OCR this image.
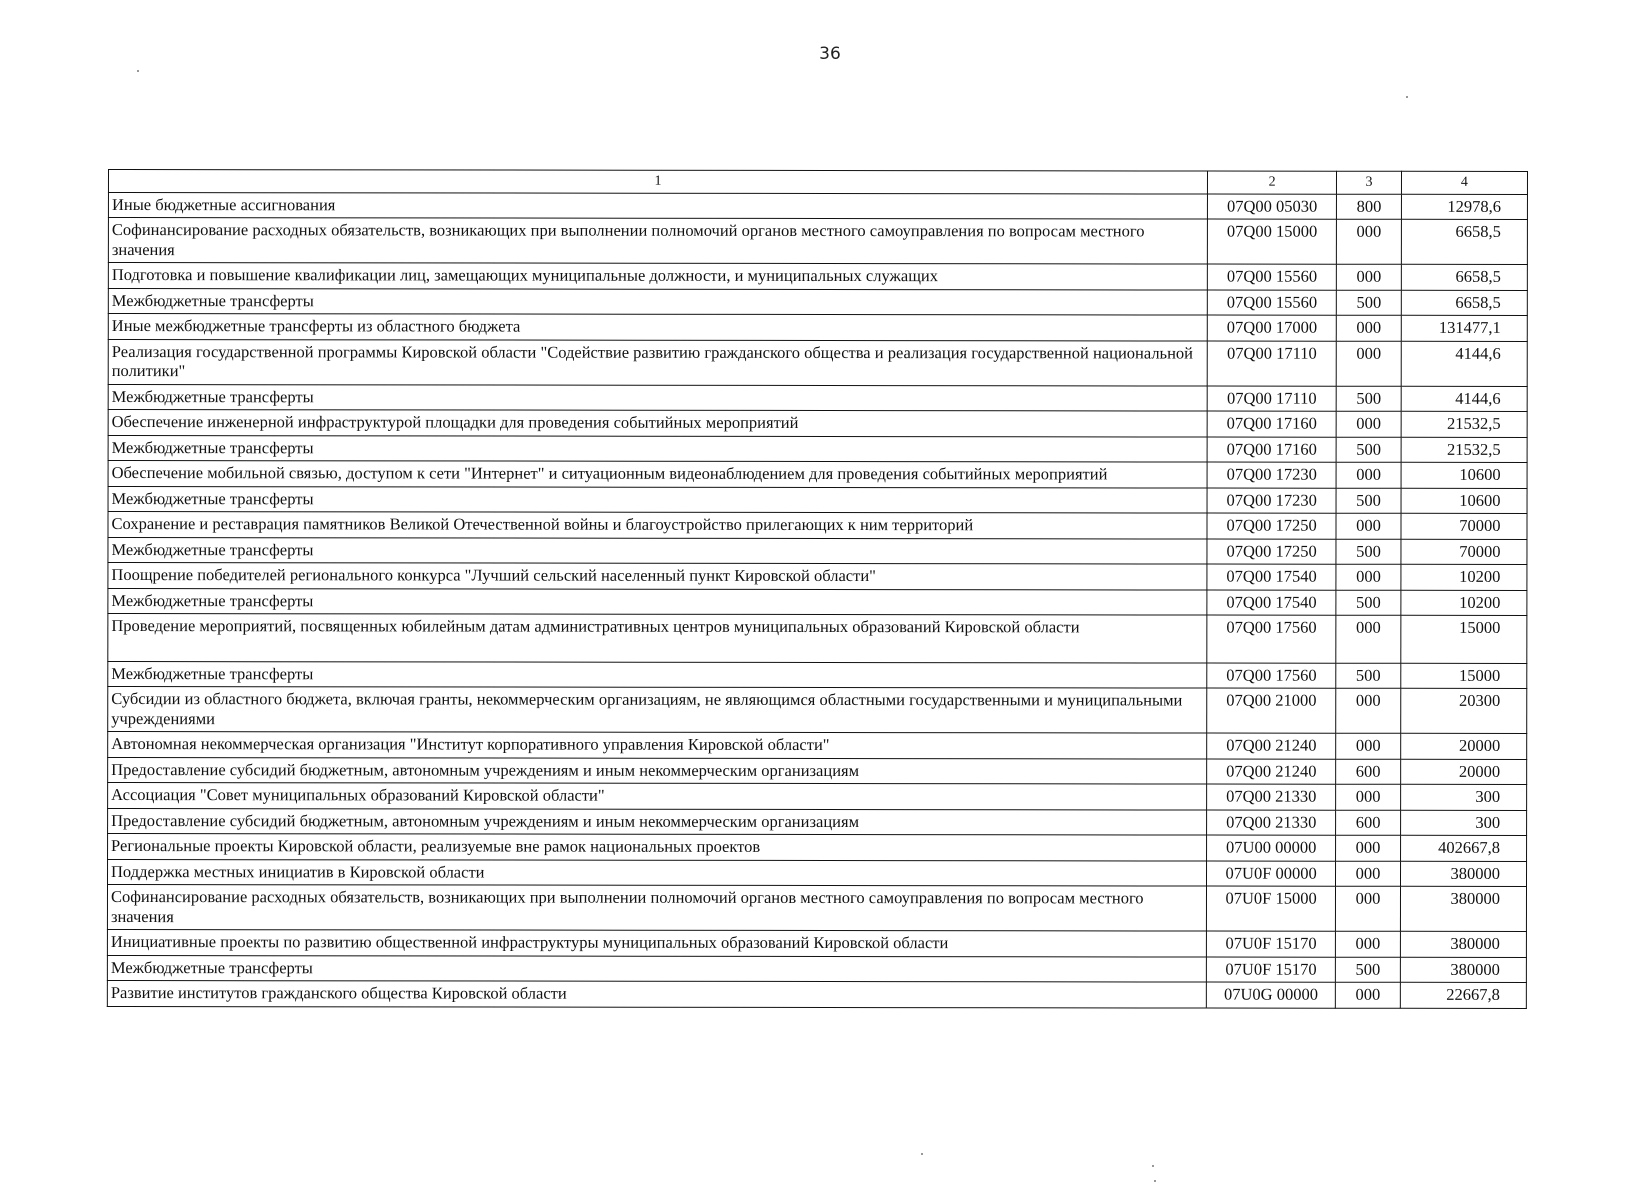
36
1	2	3	4
Иные бюджетные ассигнования	07Q00 05030	800	12978,6
Софинансирование расходных обязательств, возникающих при выполнении полномочий органов местного самоуправления по вопросам местного значения	07Q00 15000	000	6658,5
Подготовка и повышение квалификации лиц, замещающих муниципальные должности, и муниципальных служащих	07Q00 15560	000	6658,5
Межбюджетные трансферты	07Q00 15560	500	6658,5
Иные межбюджетные трансферты из областного бюджета	07Q00 17000	000	131477,1
Реализация государственной программы Кировской области "Содействие развитию гражданского общества и реализация государственной национальной политики"	07Q00 17110	000	4144,6
Межбюджетные трансферты	07Q00 17110	500	4144,6
Обеспечение инженерной инфраструктурой площадки для проведения событийных мероприятий	07Q00 17160	000	21532,5
Межбюджетные трансферты	07Q00 17160	500	21532,5
Обеспечение мобильной связью, доступом к сети "Интернет" и ситуационным видеонаблюдением для проведения событийных мероприятий	07Q00 17230	000	10600
Межбюджетные трансферты	07Q00 17230	500	10600
Сохранение и реставрация памятников Великой Отечественной войны и благоустройство прилегающих к ним территорий	07Q00 17250	000	70000
Межбюджетные трансферты	07Q00 17250	500	70000
Поощрение победителей регионального конкурса "Лучший сельский населенный пункт Кировской области"	07Q00 17540	000	10200
Межбюджетные трансферты	07Q00 17540	500	10200
Проведение мероприятий, посвященных юбилейным датам административных центров муниципальных образований Кировской области	07Q00 17560	000	15000
Межбюджетные трансферты	07Q00 17560	500	15000
Субсидии из областного бюджета, включая гранты, некоммерческим организациям, не являющимся областными государственными и муниципальными учреждениями	07Q00 21000	000	20300
Автономная некоммерческая организация "Институт корпоративного управления Кировской области"	07Q00 21240	000	20000
Предоставление субсидий бюджетным, автономным учреждениям и иным некоммерческим организациям	07Q00 21240	600	20000
Ассоциация "Совет муниципальных образований Кировской области"	07Q00 21330	000	300
Предоставление субсидий бюджетным, автономным учреждениям и иным некоммерческим организациям	07Q00 21330	600	300
Региональные проекты Кировской области, реализуемые вне рамок национальных проектов	07U00 00000	000	402667,8
Поддержка местных инициатив в Кировской области	07U0F 00000	000	380000
Софинансирование расходных обязательств, возникающих при выполнении полномочий органов местного самоуправления по вопросам местного значения	07U0F 15000	000	380000
Инициативные проекты по развитию общественной инфраструктуры муниципальных образований Кировской области	07U0F 15170	000	380000
Межбюджетные трансферты	07U0F 15170	500	380000
Развитие институтов гражданского общества Кировской области	07U0G 00000	000	22667,8
